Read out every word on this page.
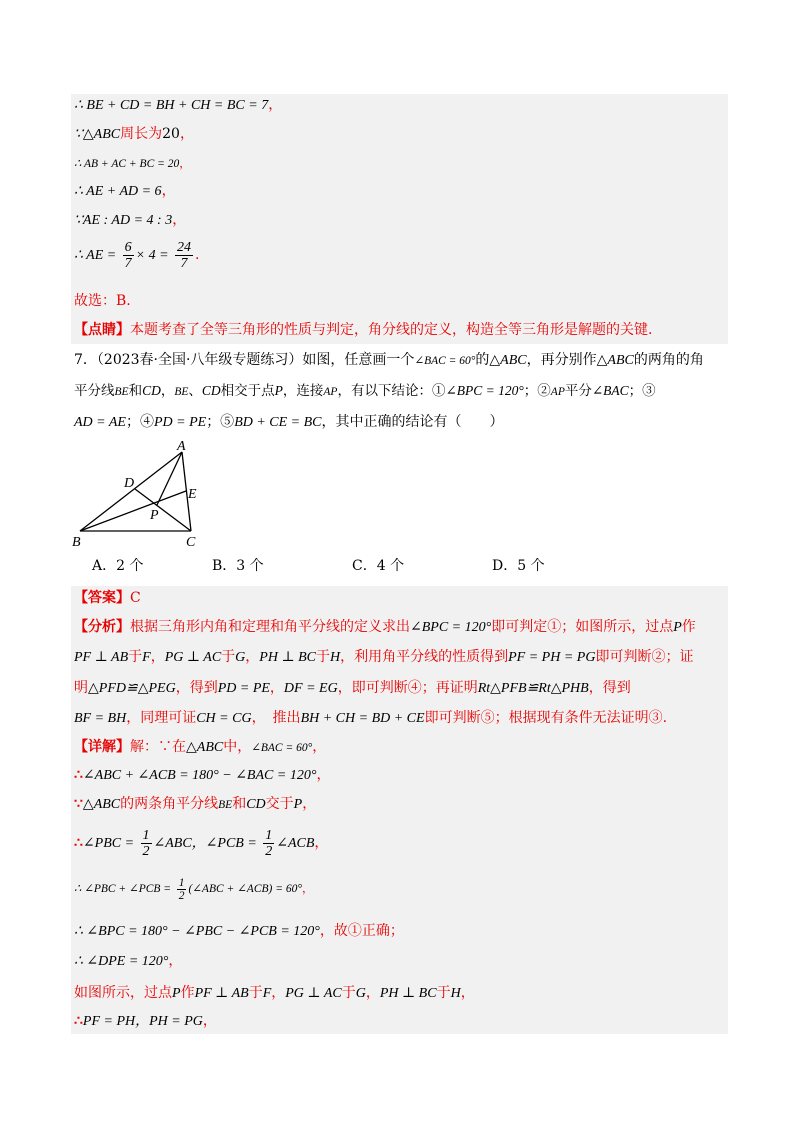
∴ BE + CD = BH + CH = BC = 7，
∵△ABC周长为20，
∴ AB + AC + BC = 20，
∴ AE + AD = 6，
∵AE : AD = 4 : 3，
∴ AE = $\frac{6}{7} \times 4 = \frac{24}{7}$ .
故选：B.
【点睛】本题考查了全等三角形的性质与判定，角分线的定义，构造全等三角形是解题的关键.
7．（2023春·全国·八年级专题练习）如图，任意画一个∠BAC = 60°的△ABC，再分别作△ABC的两角的角
平分线BE和CD，BE、CD相交于点P，连接AP，有以下结论：①∠BPC = 120°；②AP平分∠BAC；③
AD = AE；④PD = PE；⑤BD + CE = BC，其中正确的结论有（　　）
A
B	C
D
E
P
A．2 个	B．3 个	C．4 个	D．5 个
【答案】C
【分析】根据三角形内角和定理和角平分线的定义求出∠BPC = 120°即可判定①；如图所示，过点P作
PF ⊥ AB于F，PG ⊥ AC于G，PH ⊥ BC于H，利用角平分线的性质得到PF = PH = PG即可判断②；证
明△PFD≌△PEG，得到PD = PE，DF = EG，即可判断④；再证明Rt△PFB≌Rt△PHB，得到
BF = BH，同理可证CH = CG，　推出BH + CH = BD + CE即可判断⑤；根据现有条件无法证明③.
【详解】解：∵在△ABC中，∠BAC = 60°，
∴∠ABC + ∠ACB = 180° − ∠BAC = 120°，
∵△ABC的两条角平分线BE和CD交于P，
∴∠PBC = $\frac{1}{2}$ ∠ABC，∠PCB = $\frac{1}{2}$ ∠ACB，
∴ ∠PBC + ∠PCB = $\frac{1}{2}$ (∠ABC + ∠ACB) = 60°，
∴ ∠BPC = 180° − ∠PBC − ∠PCB = 120°，故①正确；
∴ ∠DPE = 120°，
如图所示，过点P作PF ⊥ AB于F，PG ⊥ AC于G，PH ⊥ BC于H，
∴PF = PH，PH = PG，
